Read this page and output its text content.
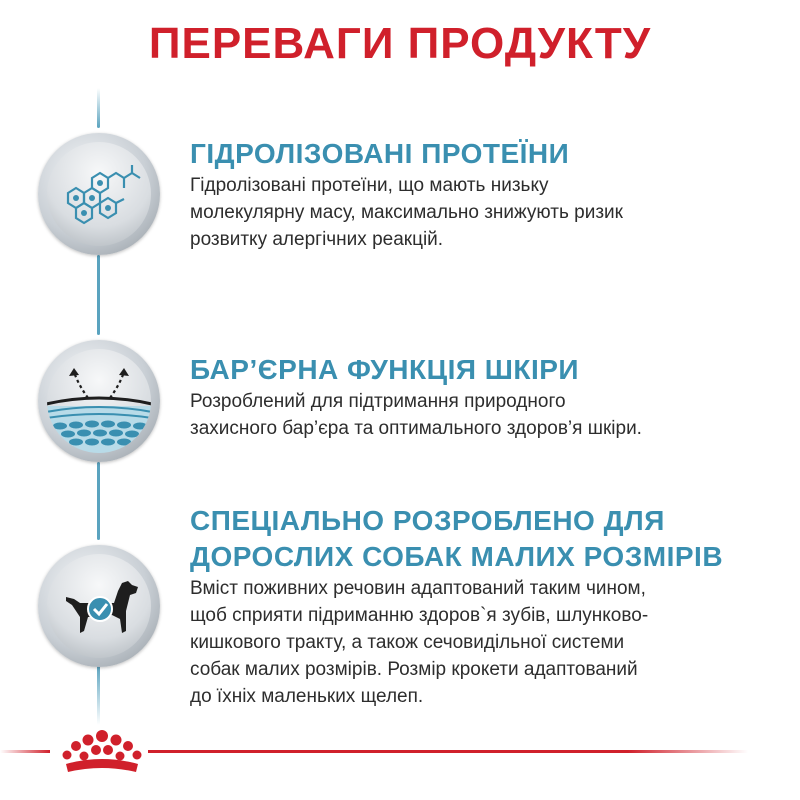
ПЕРЕВАГИ ПРОДУКТУ
ГІДРОЛІЗОВАНІ ПРОТЕЇНИ
Гідролізовані протеїни, що мають низьку
молекулярну масу, максимально знижують ризик
розвитку алергічних реакцій.
БАР’ЄРНА ФУНКЦІЯ ШКІРИ
Розроблений для підтримання природного
захисного бар’єра та оптимального здоров’я шкіри.
СПЕЦІАЛЬНО РОЗРОБЛЕНО ДЛЯ
ДОРОСЛИХ СОБАК МАЛИХ РОЗМІРІВ
Вміст поживних речовин адаптований таким чином,
щоб сприяти підриманню здоров`я зубів, шлунково-
кишкового тракту, а також сечовидільної системи
собак малих розмірів. Розмір крокети адаптований
до їхніх маленьких щелеп.
